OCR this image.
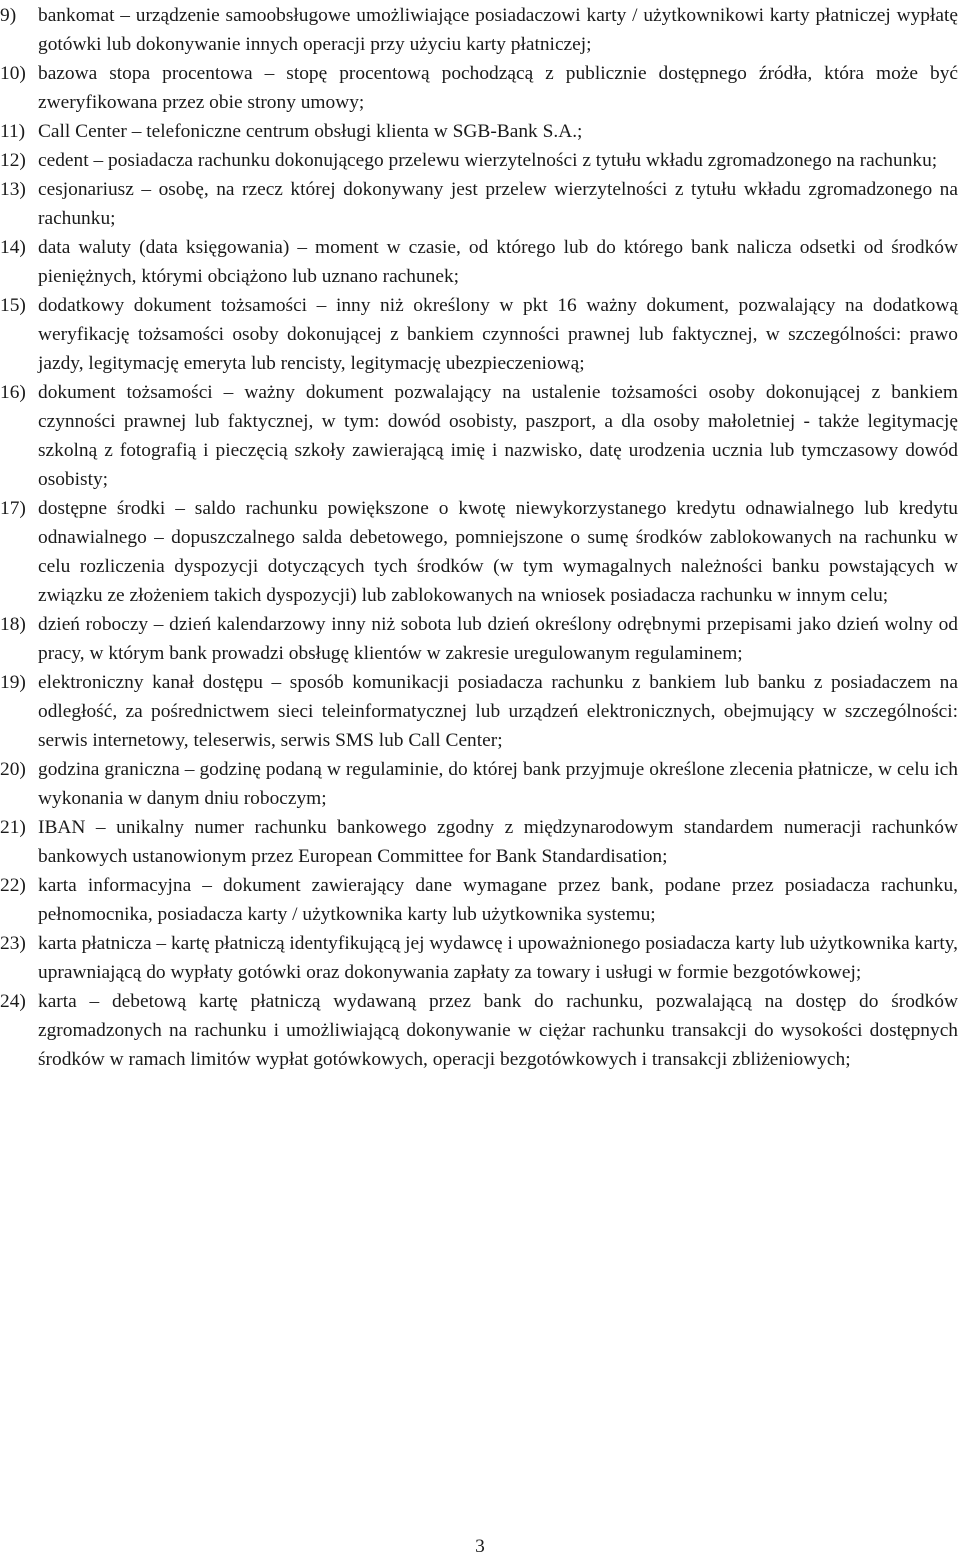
9) bankomat – urządzenie samoobsługowe umożliwiające posiadaczowi karty / użytkownikowi karty płatniczej wypłatę gotówki lub dokonywanie innych operacji przy użyciu karty płatniczej;
10) bazowa stopa procentowa – stopę procentową pochodzącą z publicznie dostępnego źródła, która może być zweryfikowana przez obie strony umowy;
11) Call Center – telefoniczne centrum obsługi klienta w SGB-Bank S.A.;
12) cedent – posiadacza rachunku dokonującego przelewu wierzytelności z tytułu wkładu zgromadzonego na rachunku;
13) cesjonariusz – osobę, na rzecz której dokonywany jest przelew wierzytelności z tytułu wkładu zgromadzonego na rachunku;
14) data waluty (data księgowania) – moment w czasie, od którego lub do którego bank nalicza odsetki od środków pieniężnych, którymi obciążono lub uznano rachunek;
15) dodatkowy dokument tożsamości – inny niż określony w pkt 16 ważny dokument, pozwalający na dodatkową weryfikację tożsamości osoby dokonującej z bankiem czynności prawnej lub faktycznej, w szczególności: prawo jazdy, legitymację emeryta lub rencisty, legitymację ubezpieczeniową;
16) dokument tożsamości – ważny dokument pozwalający na ustalenie tożsamości osoby dokonującej z bankiem czynności prawnej lub faktycznej, w tym: dowód osobisty, paszport, a dla osoby małoletniej - także legitymację szkolną z fotografią i pieczęcią szkoły zawierającą imię i nazwisko, datę urodzenia ucznia lub tymczasowy dowód osobisty;
17) dostępne środki – saldo rachunku powiększone o kwotę niewykorzystanego kredytu odnawialnego lub kredytu odnawialnego – dopuszczalnego salda debetowego, pomniejszone o sumę środków zablokowanych na rachunku w celu rozliczenia dyspozycji dotyczących tych środków (w tym wymagalnych należności banku powstających w związku ze złożeniem takich dyspozycji) lub zablokowanych na wniosek posiadacza rachunku w innym celu;
18) dzień roboczy – dzień kalendarzowy inny niż sobota lub dzień określony odrębnymi przepisami jako dzień wolny od pracy, w którym bank prowadzi obsługę klientów w zakresie uregulowanym regulaminem;
19) elektroniczny kanał dostępu – sposób komunikacji posiadacza rachunku z bankiem lub banku z posiadaczem na odległość, za pośrednictwem sieci teleinformatycznej lub urządzeń elektronicznych, obejmujący w szczególności: serwis internetowy, teleserwis, serwis SMS lub Call Center;
20) godzina graniczna – godzinę podaną w regulaminie, do której bank przyjmuje określone zlecenia płatnicze, w celu ich wykonania w danym dniu roboczym;
21) IBAN – unikalny numer rachunku bankowego zgodny z międzynarodowym standardem numeracji rachunków bankowych ustanowionym przez European Committee for Bank Standardisation;
22) karta informacyjna – dokument zawierający dane wymagane przez bank, podane przez posiadacza rachunku, pełnomocnika, posiadacza karty / użytkownika karty lub użytkownika systemu;
23) karta płatnicza – kartę płatniczą identyfikującą jej wydawcę i upoważnionego posiadacza karty lub użytkownika karty, uprawniającą do wypłaty gotówki oraz dokonywania zapłaty za towary i usługi w formie bezgotówkowej;
24) karta – debetową kartę płatniczą wydawaną przez bank do rachunku, pozwalającą na dostęp do środków zgromadzonych na rachunku i umożliwiającą dokonywanie w ciężar rachunku transakcji do wysokości dostępnych środków w ramach limitów wypłat gotówkowych, operacji bezgotówkowych i transakcji zbliżeniowych;
3
